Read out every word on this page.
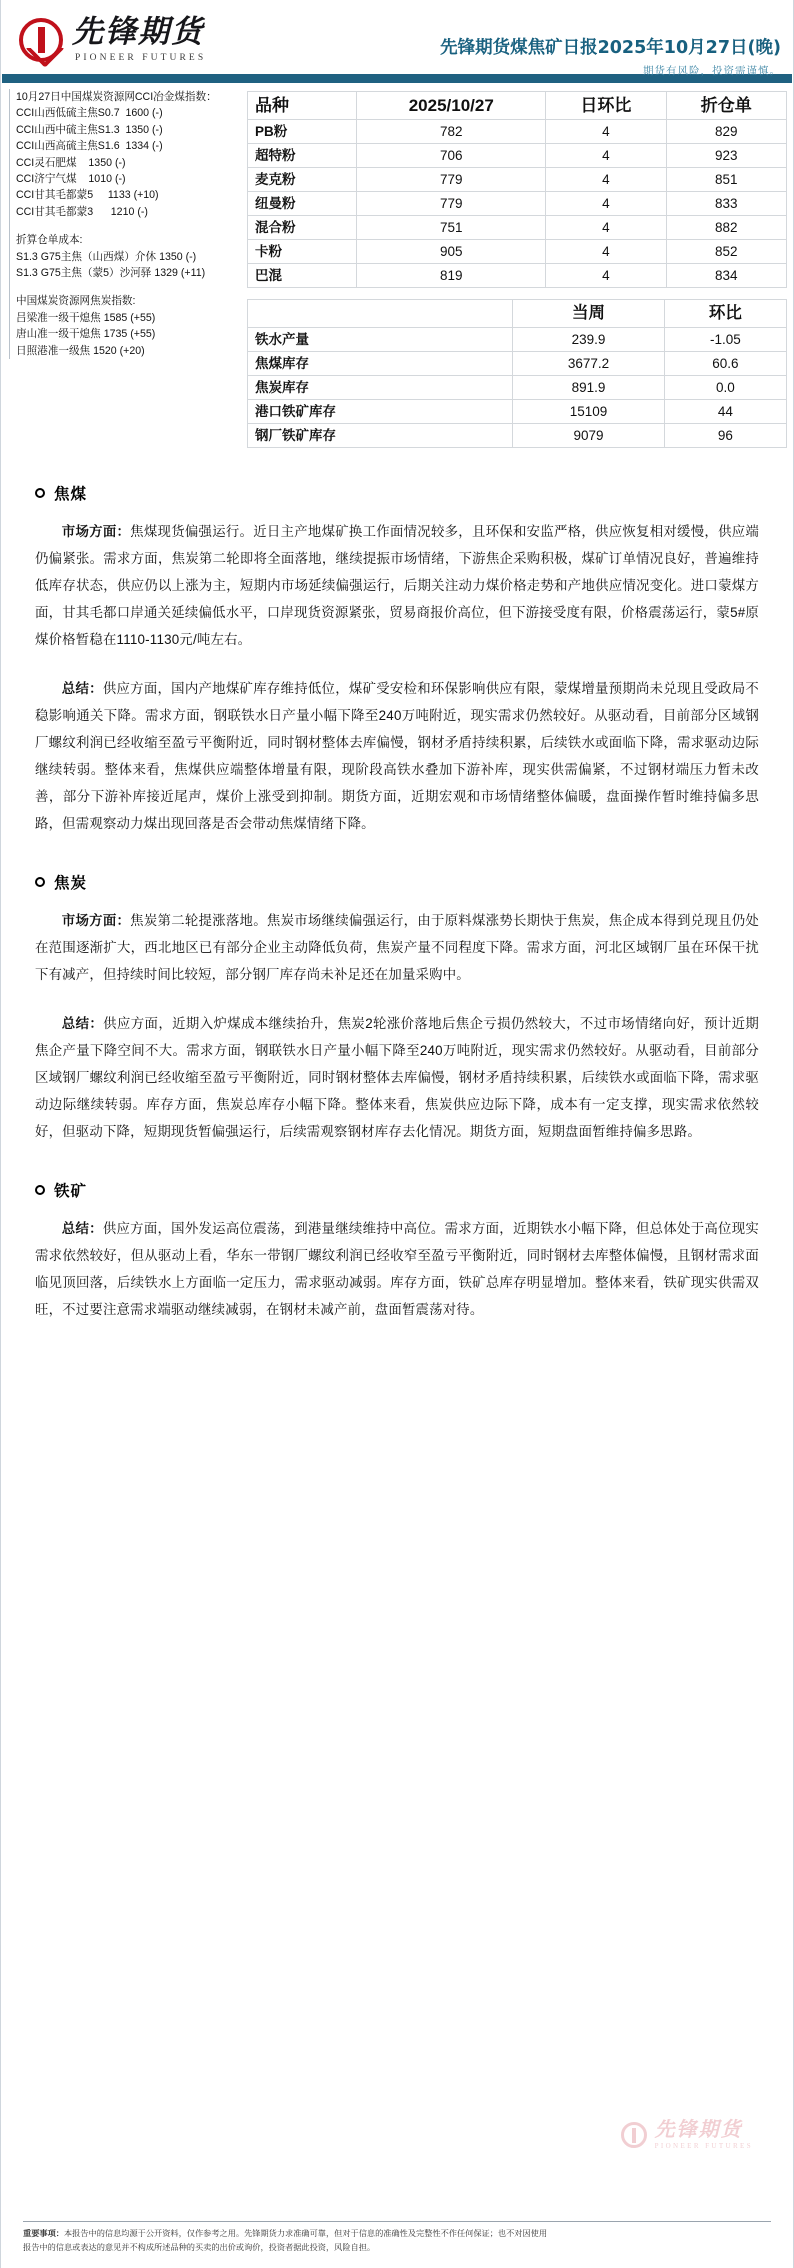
先锋期货
PIONEER FUTURES	先锋期货煤焦矿日报2025年10月27日(晚)
期货有风险，投资需谨慎。
10月27日中国煤炭资源网CCI冶金煤指数：
CCI山西低硫主焦S0.7 1600 (-)
CCI山西中硫主焦S1.3 1350 (-)
CCI山西高硫主焦S1.6 1334 (-)
CCI灵石肥煤 1350 (-)
CCI济宁气煤 1010 (-)
CCI甘其毛都蒙5 1133 (+10)
CCI甘其毛都蒙3 1210 (-)
折算仓单成本:
S1.3 G75主焦（山西煤）介休 1350 (-)
S1.3 G75主焦（蒙5）沙河驿 1329 (+11)
中国煤炭资源网焦炭指数:
吕梁准一级干熄焦 1585 (+55)
唐山准一级干熄焦 1735 (+55)
日照港准一级焦 1520 (+20)
品种	2025/10/27	日环比	折仓单
PB粉	782	4	829
超特粉	706	4	923
麦克粉	779	4	851
纽曼粉	779	4	833
混合粉	751	4	882
卡粉	905	4	852
巴混	819	4	834
	当周	环比
铁水产量	239.9	-1.05
焦煤库存	3677.2	60.6
焦炭库存	891.9	0.0
港口铁矿库存	15109	44
钢厂铁矿库存	9079	96
焦煤

市场方面：焦煤现货偏强运行。近日主产地煤矿换工作面情况较多，且环保和安监严格，供应恢复相对缓慢，供应端仍偏紧张。需求方面，焦炭第二轮即将全面落地，继续提振市场情绪，下游焦企采购积极，煤矿订单情况良好，普遍维持低库存状态，供应仍以上涨为主，短期内市场延续偏强运行，后期关注动力煤价格走势和产地供应情况变化。进口蒙煤方面，甘其毛都口岸通关延续偏低水平，口岸现货资源紧张，贸易商报价高位，但下游接受度有限，价格震荡运行，蒙5#原煤价格暂稳在1110-1130元/吨左右。

总结：供应方面，国内产地煤矿库存维持低位，煤矿受安检和环保影响供应有限，蒙煤增量预期尚未兑现且受政局不稳影响通关下降。需求方面，钢联铁水日产量小幅下降至240万吨附近，现实需求仍然较好。从驱动看，目前部分区域钢厂螺纹利润已经收缩至盈亏平衡附近，同时钢材整体去库偏慢，钢材矛盾持续积累，后续铁水或面临下降，需求驱动边际继续转弱。整体来看，焦煤供应端整体增量有限，现阶段高铁水叠加下游补库，现实供需偏紧，不过钢材端压力暂未改善，部分下游补库接近尾声，煤价上涨受到抑制。期货方面，近期宏观和市场情绪整体偏暖，盘面操作暂时维持偏多思路，但需观察动力煤出现回落是否会带动焦煤情绪下降。

焦炭

市场方面：焦炭第二轮提涨落地。焦炭市场继续偏强运行，由于原料煤涨势长期快于焦炭，焦企成本得到兑现且仍处在范围逐渐扩大，西北地区已有部分企业主动降低负荷，焦炭产量不同程度下降。需求方面，河北区域钢厂虽在环保干扰下有减产，但持续时间比较短，部分钢厂库存尚未补足还在加量采购中。

总结：供应方面，近期入炉煤成本继续抬升，焦炭2轮涨价落地后焦企亏损仍然较大，不过市场情绪向好，预计近期焦企产量下降空间不大。需求方面，钢联铁水日产量小幅下降至240万吨附近，现实需求仍然较好。从驱动看，目前部分区域钢厂螺纹利润已经收缩至盈亏平衡附近，同时钢材整体去库偏慢，钢材矛盾持续积累，后续铁水或面临下降，需求驱动边际继续转弱。库存方面，焦炭总库存小幅下降。整体来看，焦炭供应边际下降，成本有一定支撑，现实需求依然较好，但驱动下降，短期现货暂偏强运行，后续需观察钢材库存去化情况。期货方面，短期盘面暂维持偏多思路。

铁矿

总结：供应方面，国外发运高位震荡，到港量继续维持中高位。需求方面，近期铁水小幅下降，但总体处于高位现实需求依然较好，但从驱动上看，华东一带钢厂螺纹利润已经收窄至盈亏平衡附近，同时钢材去库整体偏慢，且钢材需求面临见顶回落，后续铁水上方面临一定压力，需求驱动减弱。库存方面，铁矿总库存明显增加。整体来看，铁矿现实供需双旺，不过要注意需求端驱动继续减弱，在钢材未减产前，盘面暂震荡对待。

先锋期货
PIONEER FUTURES

重要事项：本报告中的信息均源于公开资料，仅作参考之用。先锋期货力求准确可靠，但对于信息的准确性及完整性不作任何保证；也不对因使用

报告中的信息或表达的意见并不构成所述品种的买卖的出价或询价，投资者据此投资，风险自担。
